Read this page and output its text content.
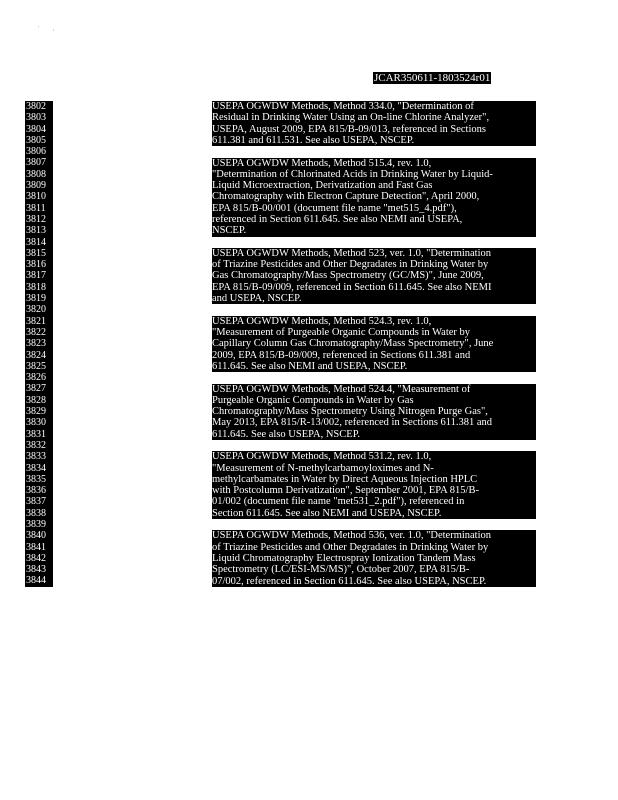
'         ,
JCAR350611-1803524r01
3802
3803
3804
3805
3806
3807
3808
3809
3810
3811
3812
3813
3814
3815
3816
3817
3818
3819
3820
3821
3822
3823
3824
3825
3826
3827
3828
3829
3830
3831
3832
3833
3834
3835
3836
3837
3838
3839
3840
3841
3842
3843
3844
USEPA OGWDW Methods, Method 334.0, "Determination of
Residual in Drinking Water Using an On-line Chlorine Analyzer",
USEPA, August 2009, EPA 815/B-09/013, referenced in Sections
611.381 and 611.531. See also USEPA, NSCEP.
USEPA OGWDW Methods, Method 515.4, rev. 1.0,
"Determination of Chlorinated Acids in Drinking Water by Liquid-
Liquid Microextraction, Derivatization and Fast Gas
Chromatography with Electron Capture Detection", April 2000,
EPA 815/B-00/001 (document file name "met515_4.pdf"),
referenced in Section 611.645. See also NEMI and USEPA,
NSCEP.
USEPA OGWDW Methods, Method 523, ver. 1.0, "Determination
of Triazine Pesticides and Other Degradates in Drinking Water by
Gas Chromatography/Mass Spectrometry (GC/MS)", June 2009,
EPA 815/B-09/009, referenced in Section 611.645. See also NEMI
and USEPA, NSCEP.
USEPA OGWDW Methods, Method 524.3, rev. 1.0,
"Measurement of Purgeable Organic Compounds in Water by
Capillary Column Gas Chromatography/Mass Spectrometry", June
2009, EPA 815/B-09/009, referenced in Sections 611.381 and
611.645. See also NEMI and USEPA, NSCEP.
USEPA OGWDW Methods, Method 524.4, "Measurement of
Purgeable Organic Compounds in Water by Gas
Chromatography/Mass Spectrometry Using Nitrogen Purge Gas",
May 2013, EPA 815/R-13/002, referenced in Sections 611.381 and
611.645. See also USEPA, NSCEP.
USEPA OGWDW Methods, Method 531.2, rev. 1.0,
"Measurement of N-methylcarbamoyloximes and N-
methylcarbamates in Water by Direct Aqueous Injection HPLC
with Postcolumn Derivatization", September 2001, EPA 815/B-
01/002 (document file name "met531_2.pdf"), referenced in
Section 611.645. See also NEMI and USEPA, NSCEP.
USEPA OGWDW Methods, Method 536, ver. 1.0, "Determination
of Triazine Pesticides and Other Degradates in Drinking Water by
Liquid Chromatography Electrospray Ionization Tandem Mass
Spectrometry (LC/ESI-MS/MS)", October 2007, EPA 815/B-
07/002, referenced in Section 611.645. See also USEPA, NSCEP.
